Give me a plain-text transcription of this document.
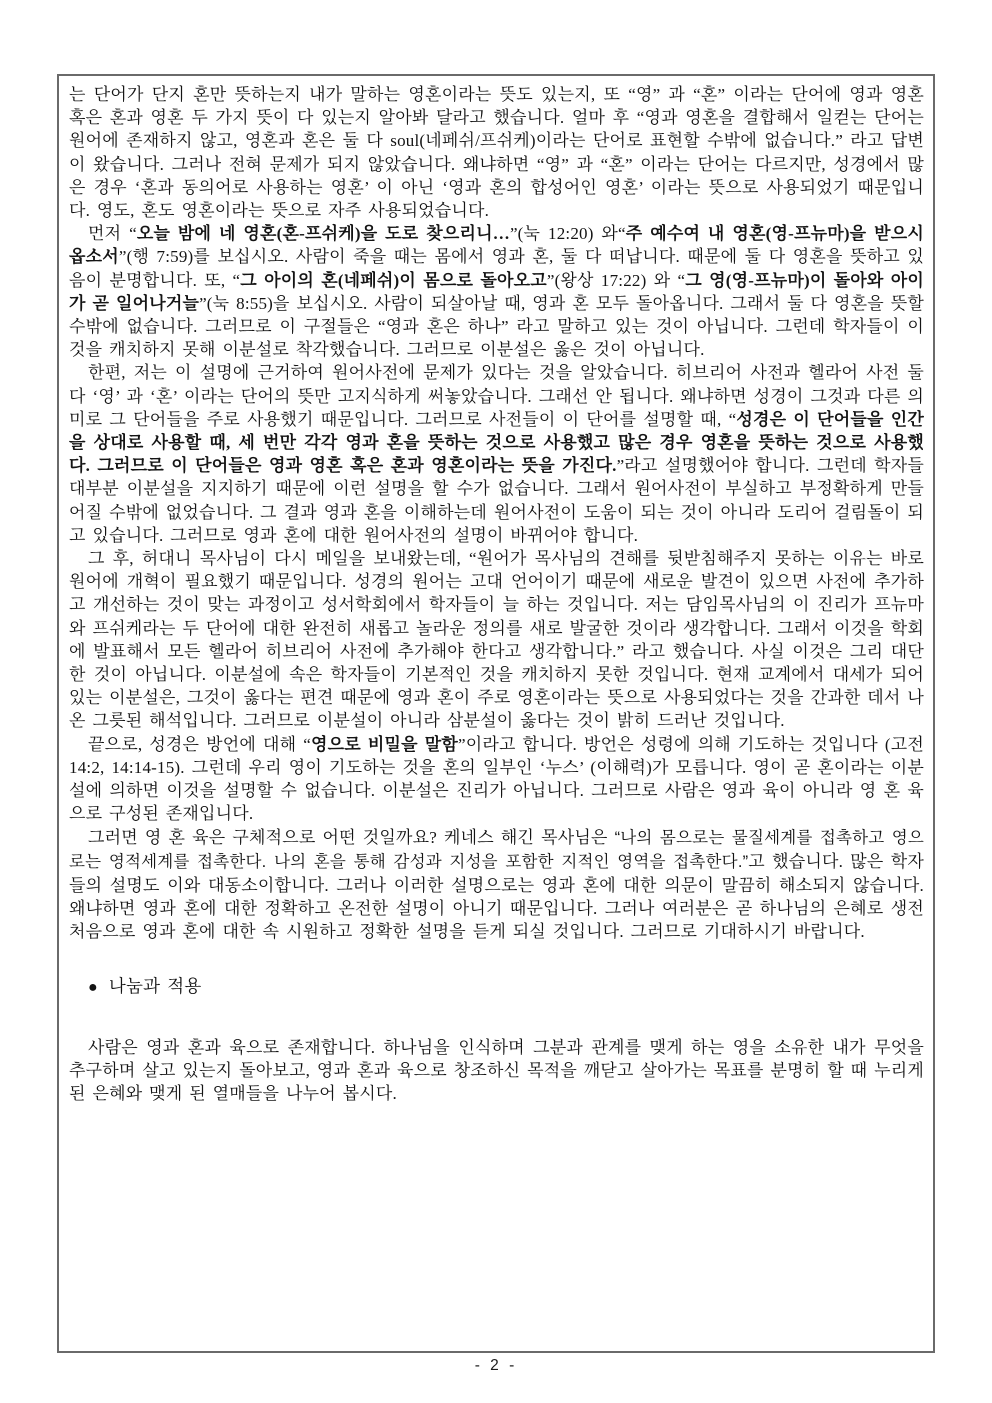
는 단어가 단지 혼만 뜻하는지 내가 말하는 영혼이라는 뜻도 있는지, 또 “영” 과 “혼” 이라는 단어에 영과 영혼 혹은 혼과 영혼 두 가지 뜻이 다 있는지 알아봐 달라고 했습니다. 얼마 후 “영과 영혼을 결합해서 일컫는 단어는 원어에 존재하지 않고, 영혼과 혼은 둘 다 soul(네페쉬/프쉬케)이라는 단어로 표현할 수밖에 없습니다.” 라고 답변이 왔습니다. 그러나 전혀 문제가 되지 않았습니다. 왜냐하면 “영” 과 “혼” 이라는 단어는 다르지만, 성경에서 많은 경우 ‘혼과 동의어로 사용하는 영혼’ 이 아닌 ‘영과 혼의 합성어인 영혼’ 이라는 뜻으로 사용되었기 때문입니다. 영도, 혼도 영혼이라는 뜻으로 자주 사용되었습니다.

먼저 “오늘 밤에 네 영혼(혼-프쉬케)을 도로 찾으리니…”(눅 12:20) 와“주 예수여 내 영혼(영-프뉴마)을 받으시옵소서”(행 7:59)를 보십시오. 사람이 죽을 때는 몸에서 영과 혼, 둘 다 떠납니다. 때문에 둘 다 영혼을 뜻하고 있음이 분명합니다. 또, “그 아이의 혼(네페쉬)이 몸으로 돌아오고”(왕상 17:22) 와 “그 영(영-프뉴마)이 돌아와 아이가 곧 일어나거늘”(눅 8:55)을 보십시오. 사람이 되살아날 때, 영과 혼 모두 돌아옵니다. 그래서 둘 다 영혼을 뜻할 수밖에 없습니다. 그러므로 이 구절들은 “영과 혼은 하나” 라고 말하고 있는 것이 아닙니다. 그런데 학자들이 이것을 캐치하지 못해 이분설로 착각했습니다. 그러므로 이분설은 옳은 것이 아닙니다.

한편, 저는 이 설명에 근거하여 원어사전에 문제가 있다는 것을 알았습니다. 히브리어 사전과 헬라어 사전 둘 다 ‘영’ 과 ‘혼’ 이라는 단어의 뜻만 고지식하게 써놓았습니다. 그래선 안 됩니다. 왜냐하면 성경이 그것과 다른 의미로 그 단어들을 주로 사용했기 때문입니다. 그러므로 사전들이 이 단어를 설명할 때, “성경은 이 단어들을 인간을 상대로 사용할 때, 세 번만 각각 영과 혼을 뜻하는 것으로 사용했고 많은 경우 영혼을 뜻하는 것으로 사용했다. 그러므로 이 단어들은 영과 영혼 혹은 혼과 영혼이라는 뜻을 가진다.”라고 설명했어야 합니다. 그런데 학자들 대부분 이분설을 지지하기 때문에 이런 설명을 할 수가 없습니다. 그래서 원어사전이 부실하고 부정확하게 만들어질 수밖에 없었습니다. 그 결과 영과 혼을 이해하는데 원어사전이 도움이 되는 것이 아니라 도리어 걸림돌이 되고 있습니다. 그러므로 영과 혼에 대한 원어사전의 설명이 바뀌어야 합니다.

그 후, 허대니 목사님이 다시 메일을 보내왔는데, “원어가 목사님의 견해를 뒷받침해주지 못하는 이유는 바로 원어에 개혁이 필요했기 때문입니다. 성경의 원어는 고대 언어이기 때문에 새로운 발견이 있으면 사전에 추가하고 개선하는 것이 맞는 과정이고 성서학회에서 학자들이 늘 하는 것입니다. 저는 담임목사님의 이 진리가 프뉴마와 프쉬케라는 두 단어에 대한 완전히 새롭고 놀라운 정의를 새로 발굴한 것이라 생각합니다. 그래서 이것을 학회에 발표해서 모든 헬라어 히브리어 사전에 추가해야 한다고 생각합니다.” 라고 했습니다. 사실 이것은 그리 대단한 것이 아닙니다. 이분설에 속은 학자들이 기본적인 것을 캐치하지 못한 것입니다. 현재 교계에서 대세가 되어 있는 이분설은, 그것이 옳다는 편견 때문에 영과 혼이 주로 영혼이라는 뜻으로 사용되었다는 것을 간과한 데서 나온 그릇된 해석입니다. 그러므로 이분설이 아니라 삼분설이 옳다는 것이 밝히 드러난 것입니다.

끝으로, 성경은 방언에 대해 “영으로 비밀을 말함”이라고 합니다. 방언은 성령에 의해 기도하는 것입니다 (고전 14:2, 14:14-15). 그런데 우리 영이 기도하는 것을 혼의 일부인 ‘누스’ (이해력)가 모릅니다. 영이 곧 혼이라는 이분설에 의하면 이것을 설명할 수 없습니다. 이분설은 진리가 아닙니다. 그러므로 사람은 영과 육이 아니라 영 혼 육으로 구성된 존재입니다.

그러면 영 혼 육은 구체적으로 어떤 것일까요? 케네스 해긴 목사님은 “나의 몸으로는 물질세계를 접촉하고 영으로는 영적세계를 접촉한다. 나의 혼을 통해 감성과 지성을 포함한 지적인 영역을 접촉한다.”고 했습니다. 많은 학자들의 설명도 이와 대동소이합니다. 그러나 이러한 설명으로는 영과 혼에 대한 의문이 말끔히 해소되지 않습니다. 왜냐하면 영과 혼에 대한 정확하고 온전한 설명이 아니기 때문입니다. 그러나 여러분은 곧 하나님의 은혜로 생전 처음으로 영과 혼에 대한 속 시원하고 정확한 설명을 듣게 되실 것입니다. 그러므로 기대하시기 바랍니다.

● 나눔과 적용

사람은 영과 혼과 육으로 존재합니다. 하나님을 인식하며 그분과 관계를 맺게 하는 영을 소유한 내가 무엇을 추구하며 살고 있는지 돌아보고, 영과 혼과 육으로 창조하신 목적을 깨닫고 살아가는 목표를 분명히 할 때 누리게 된 은혜와 맺게 된 열매들을 나누어 봅시다.

- 2 -
